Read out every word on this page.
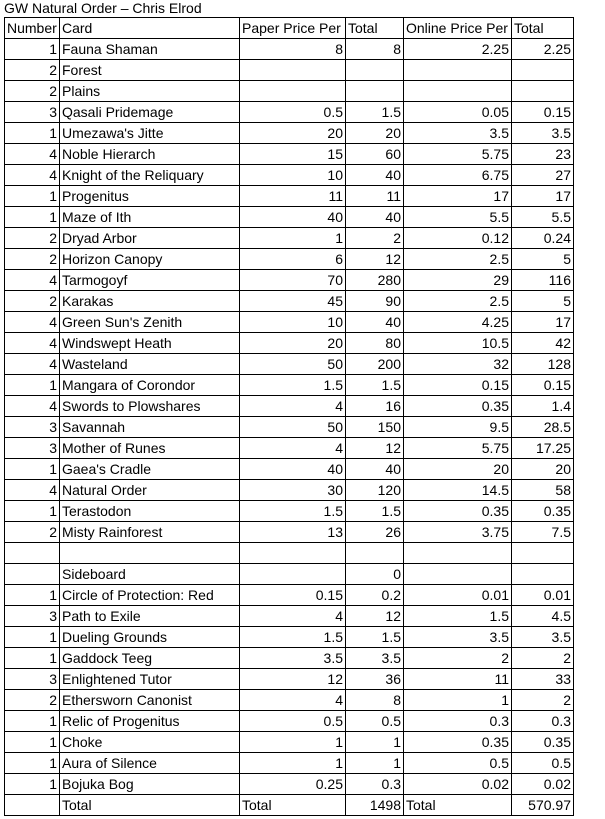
GW Natural Order – Chris Elrod
Number	Card	Paper Price Per	Total	Online Price Per	Total
1	Fauna Shaman	8	8	2.25	2.25
2	Forest				
2	Plains				
3	Qasali Pridemage	0.5	1.5	0.05	0.15
1	Umezawa's Jitte	20	20	3.5	3.5
4	Noble Hierarch	15	60	5.75	23
4	Knight of the Reliquary	10	40	6.75	27
1	Progenitus	11	11	17	17
1	Maze of Ith	40	40	5.5	5.5
2	Dryad Arbor	1	2	0.12	0.24
2	Horizon Canopy	6	12	2.5	5
4	Tarmogoyf	70	280	29	116
2	Karakas	45	90	2.5	5
4	Green Sun's Zenith	10	40	4.25	17
4	Windswept Heath	20	80	10.5	42
4	Wasteland	50	200	32	128
1	Mangara of Corondor	1.5	1.5	0.15	0.15
4	Swords to Plowshares	4	16	0.35	1.4
3	Savannah	50	150	9.5	28.5
3	Mother of Runes	4	12	5.75	17.25
1	Gaea's Cradle	40	40	20	20
4	Natural Order	30	120	14.5	58
1	Terastodon	1.5	1.5	0.35	0.35
2	Misty Rainforest	13	26	3.75	7.5

	Sideboard		0		
1	Circle of Protection: Red	0.15	0.2	0.01	0.01
3	Path to Exile	4	12	1.5	4.5
1	Dueling Grounds	1.5	1.5	3.5	3.5
1	Gaddock Teeg	3.5	3.5	2	2
3	Enlightened Tutor	12	36	11	33
2	Ethersworn Canonist	4	8	1	2
1	Relic of Progenitus	0.5	0.5	0.3	0.3
1	Choke	1	1	0.35	0.35
1	Aura of Silence	1	1	0.5	0.5
1	Bojuka Bog	0.25	0.3	0.02	0.02
	Total	Total	1498	Total	570.97
